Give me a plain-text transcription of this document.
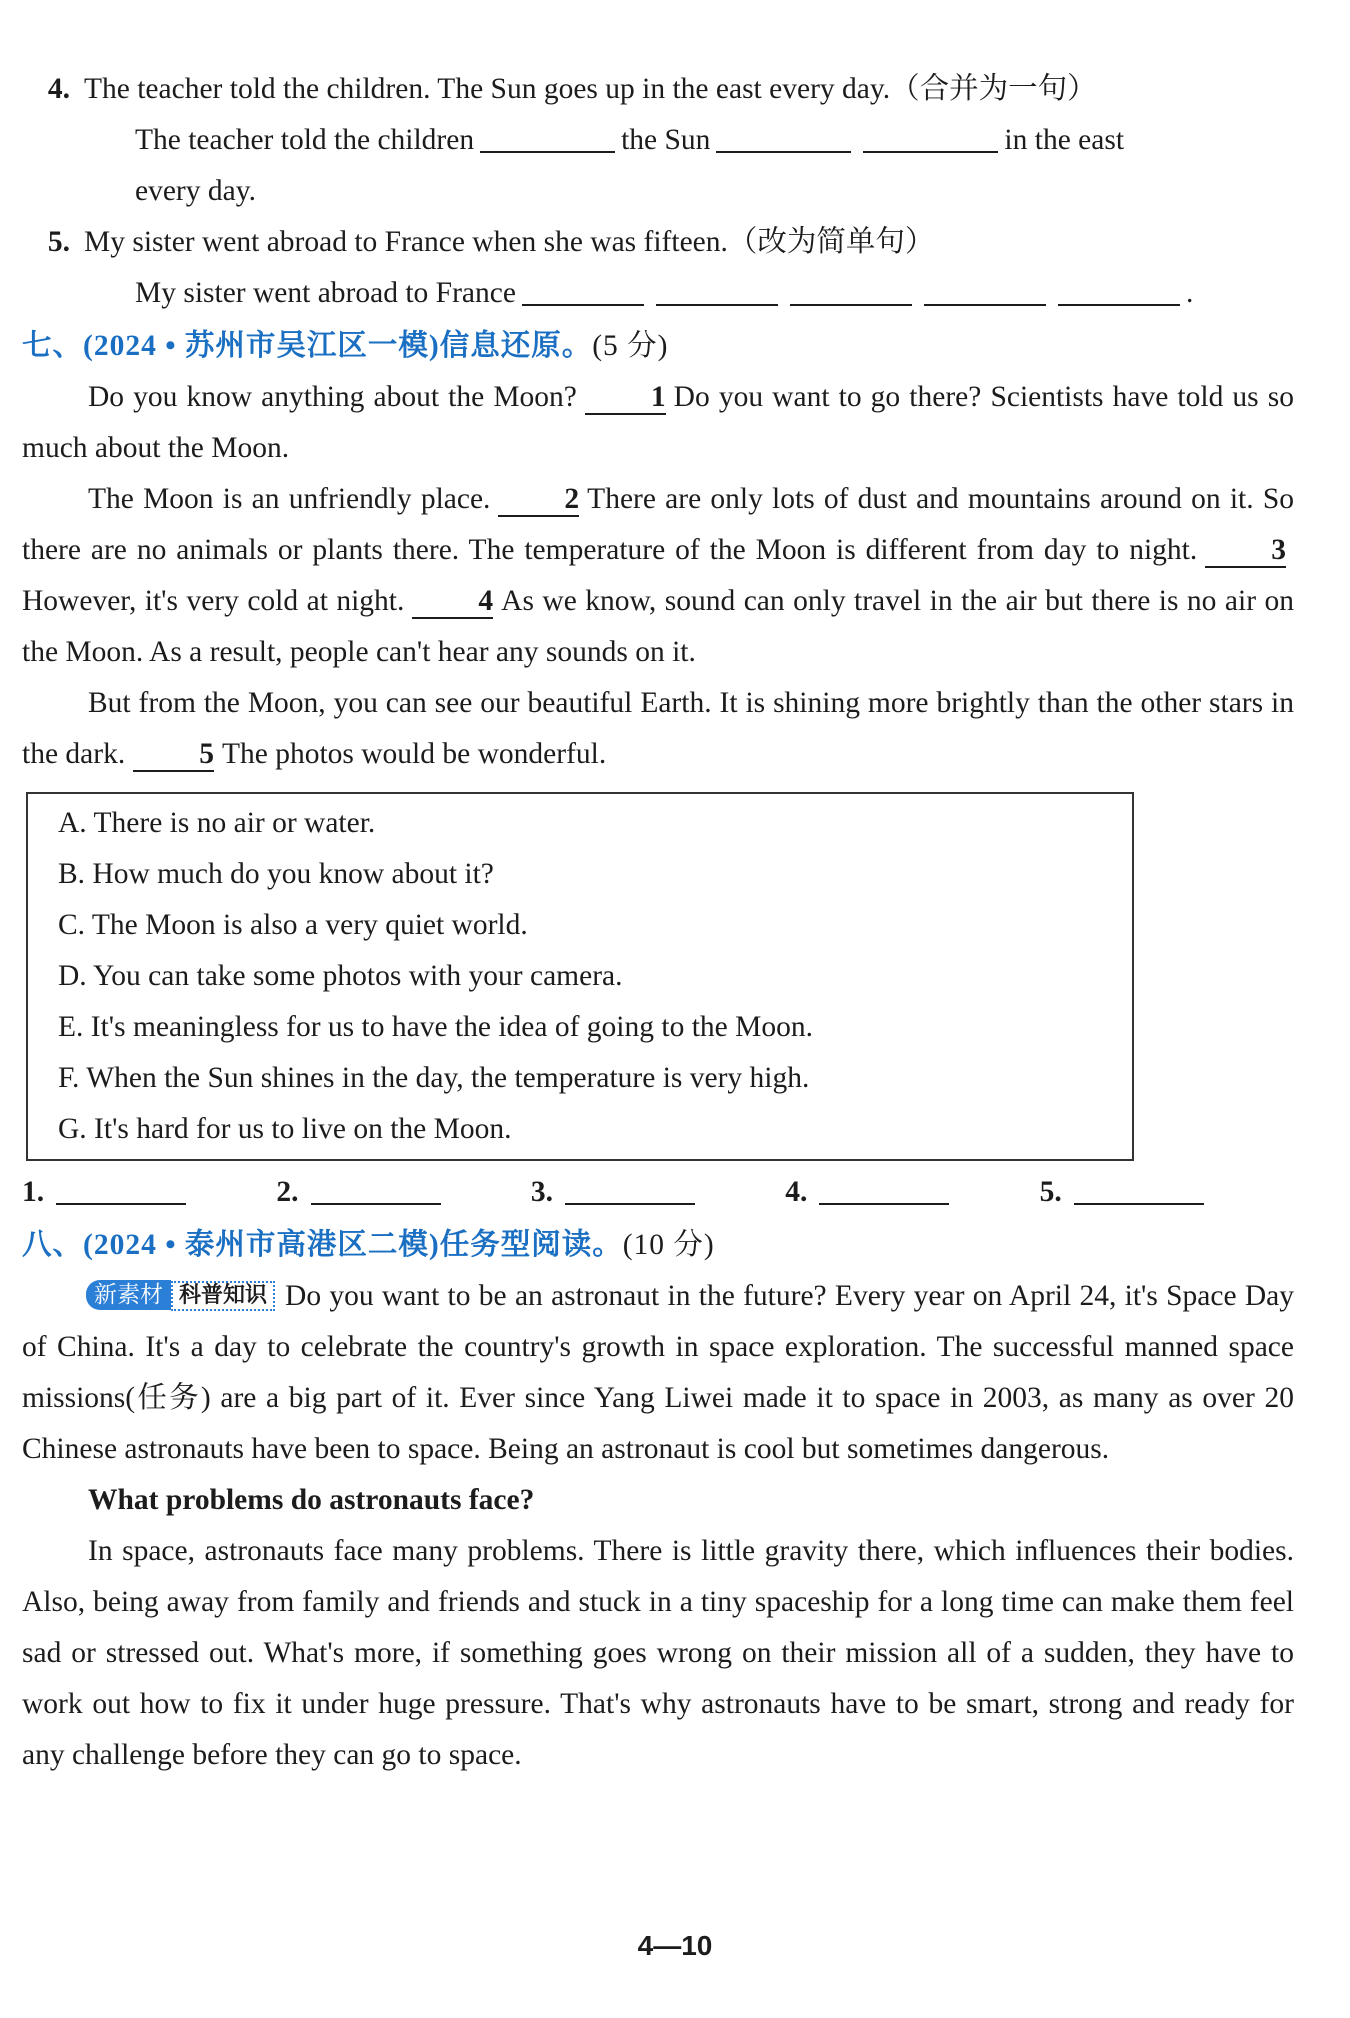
4. The teacher told the children. The Sun goes up in the east every day.（合并为一句）

The teacher told the children	the Sun	in the east

every day.

5. My sister went abroad to France when she was fifteen.（改为简单句）

My sister went abroad to France	.

七、(2024 • 苏州市吴江区一模)信息还原。(5 分)

Do you know anything about the Moon?	1 Do you want to go there? Scientists have told us so much about the Moon.

The Moon is an unfriendly place.	2 There are only lots of dust and mountains around on it. So there are no animals or plants there. The temperature of the Moon is different from day to night.	3However, it's very cold at night.	4 As we know, sound can only travel in the air but there is no air on the Moon. As a result, people can't hear any sounds on it.

But from the Moon, you can see our beautiful Earth. It is shining more brightly than the other stars in the dark.	5 The photos would be wonderful.

A. There is no air or water.

B. How much do you know about it?

C. The Moon is also a very quiet world.

D. You can take some photos with your camera.

E. It's meaningless for us to have the idea of going to the Moon.

F. When the Sun shines in the day, the temperature is very high.

G. It's hard for us to live on the Moon.

1.	2.	3.	4.	5.

八、(2024 • 泰州市高港区二模)任务型阅读。(10 分)

新素材 科普知识 Do you want to be an astronaut in the future? Every year on April 24, it's Space Day of China. It's a day to celebrate the country's growth in space exploration. The successful manned space missions(任务) are a big part of it. Ever since Yang Liwei made it to space in 2003, as many as over 20 Chinese astronauts have been to space. Being an astronaut is cool but sometimes dangerous.

What problems do astronauts face?

In space, astronauts face many problems. There is little gravity there, which influences their bodies. Also, being away from family and friends and stuck in a tiny spaceship for a long time can make them feel sad or stressed out. What's more, if something goes wrong on their mission all of a sudden, they have to work out how to fix it under huge pressure. That's why astronauts have to be smart, strong and ready for any challenge before they can go to space.

4—10
